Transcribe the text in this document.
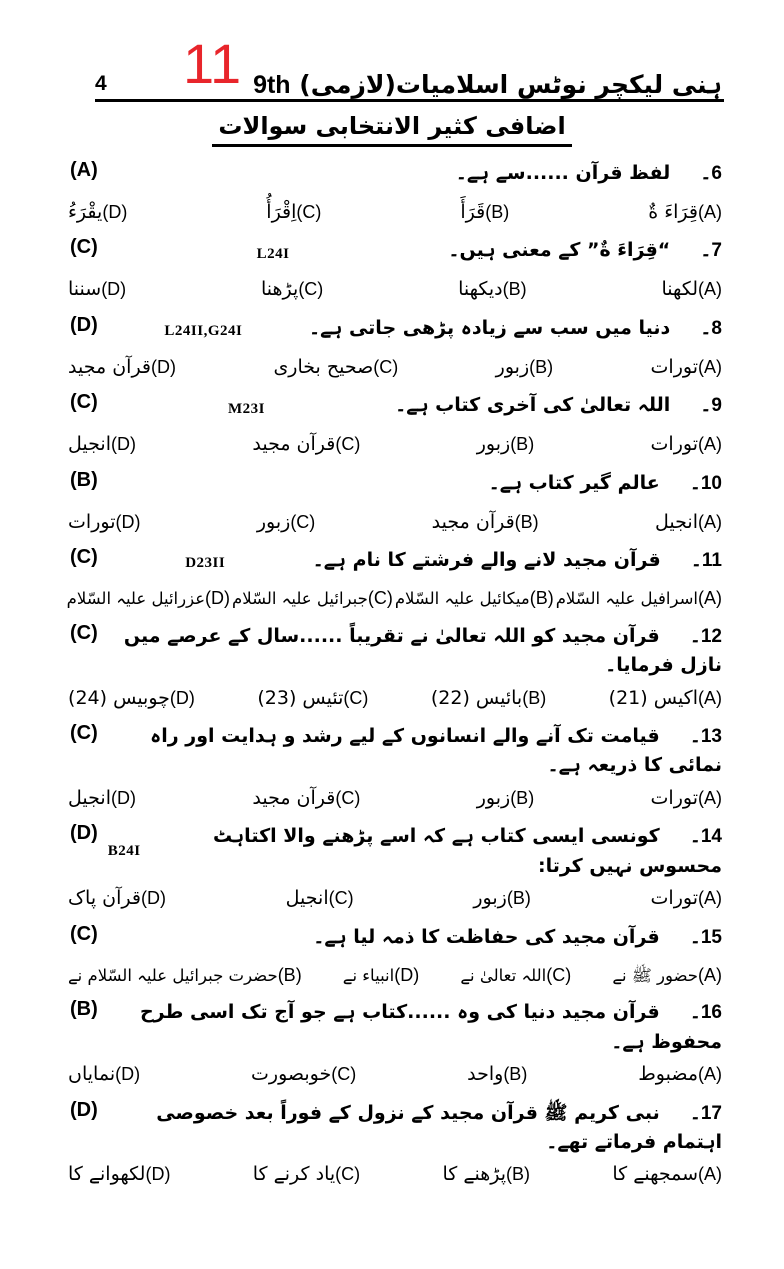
4 11	ہنی لیکچر نوٹس اسلامیات(لازمی) 9th
اضافی کثیر الانتخابی سوالات
6۔لفظ قرآن ......سے ہے۔
(A)
(A)قِرَاءَ ةٌ
(B)قَرَأَ
(C)اِقْرَأُ
(D)یقْرَءُ
7۔“قِرَاءَ ةٌ” کے معنی ہیں۔
L24I
(C)
(A)لکھنا
(B)دیکھنا
(C)پڑھنا
(D)سننا
8۔دنیا میں سب سے زیادہ پڑھی جاتی ہے۔
L24II,G24I
(D)
(A)تورات
(B)زبور
(C)صحیح بخاری
(D)قرآن مجید
9۔اللہ تعالیٰ کی آخری کتاب ہے۔
M23I
(C)
(A)تورات
(B)زبور
(C)قرآن مجید
(D)انجیل
10۔عالم گیر کتاب ہے۔
(B)
(A)انجیل
(B)قرآن مجید
(C)زبور
(D)تورات
11۔قرآن مجید لانے والے فرشتے کا نام ہے۔
D23II
(C)
(A)اسرافیل علیہ السّلام
(B)میکائیل علیہ السّلام
(C)جبرائیل علیہ السّلام
(D)عزرائیل علیہ السّلام
12۔قرآن مجید کو اللہ تعالیٰ نے تقریباً ......سال کے عرصے میں نازل فرمایا۔
(C)
(A)اکیس (21)
(B)بائیس (22)
(C)تئیس (23)
(D)چوبیس (24)
13۔قیامت تک آنے والے انسانوں کے لیے رشد و ہدایت اور راہ نمائی کا ذریعہ ہے۔
(C)
(A)تورات
(B)زبور
(C)قرآن مجید
(D)انجیل
14۔کونسی ایسی کتاب ہے کہ اسے پڑھنے والا اکتاہٹ محسوس نہیں کرتا:
B24I
(D)
(A)تورات
(B)زبور
(C)انجیل
(D)قرآن پاک
15۔قرآن مجید کی حفاظت کا ذمہ لیا ہے۔
(C)
(A)حضور ﷺ نے
(C)اللہ تعالیٰ نے
(D)انبیاء نے
(B)حضرت جبرائیل علیہ السّلام نے
16۔قرآن مجید دنیا کی وہ ......کتاب ہے جو آج تک اسی طرح محفوظ ہے۔
(B)
(A)مضبوط
(B)واحد
(C)خوبصورت
(D)نمایاں
17۔نبی کریم ﷺ قرآن مجید کے نزول کے فوراً بعد خصوصی اہتمام فرماتے تھے۔
(D)
(A)سمجھنے کا
(B)پڑھنے کا
(C)یاد کرنے کا
(D)لکھوانے کا
